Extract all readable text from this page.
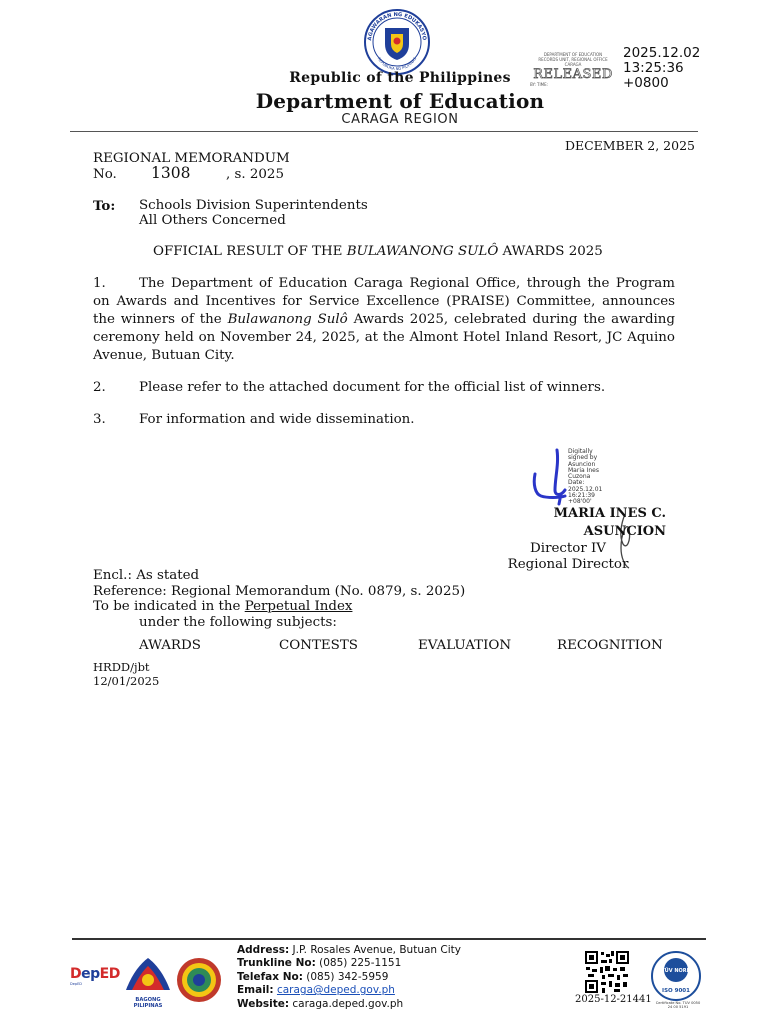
AGAWARAN NG EDUKASYO
REPUBLIKA NG PILIPINAS
Republic of the Philippines
Department of Education
CARAGA REGION
DEPARTMENT OF EDUCATION
RECORDS UNIT, REGIONAL OFFICE CARAGA
RELEASED
BY: TIME:
2025.12.02
13:25:36
+0800
DECEMBER 2, 2025
REGIONAL MEMORANDUM
No. 1308	, s. 2025
To: Schools Division Superintendents
All Others Concerned
OFFICIAL RESULT OF THE BULAWANONG SULÔ AWARDS 2025
1. The Department of Education Caraga Regional Office, through the Program on Awards and Incentives for Service Excellence (PRAISE) Committee, announces the winners of the Bulawanong Sulô Awards 2025, celebrated during the awarding ceremony held on November 24, 2025, at the Almont Hotel Inland Resort, JC Aquino Avenue, Butuan City.
2. Please refer to the attached document for the official list of winners.
3. For information and wide dissemination.
Digitally
signed by
Asuncion
Maria Ines
Cuzona
Date:
2025.12.01
16:21:39
+08'00'
MARIA INES C. ASUNCION
Director IV
Regional Director
Encl.: As stated
Reference: Regional Memorandum (No. 0879, s. 2025)
To be indicated in the Perpetual Index
under the following subjects:
AWARDS	CONTESTS	EVALUATION	RECOGNITION
HRDD/jbt
12/01/2025
DepED
DepED
BAGONG PILIPINAS
Address: J.P. Rosales Avenue, Butuan City
Trunkline No: (085) 225-1151
Telefax No: (085) 342-5959
Email: caraga@deped.gov.ph
Website: caraga.deped.gov.ph	2025-12-21441
TÜV NORD
ISO 9001
Certificate No. TUV 0050 24 00 5191
